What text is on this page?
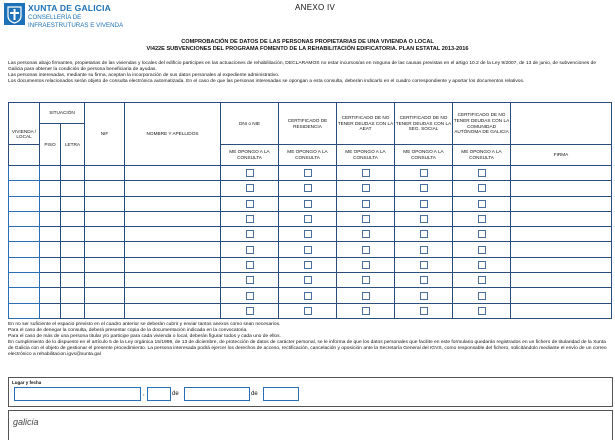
XUNTA DE GALICIA
CONSELLERÍA DE
INFRAESTRUTURAS E VIVENDA
ANEXO IV
COMPROBACIÓN DE DATOS DE LAS PERSONAS PROPIETARIAS DE UNA VIVIENDA O LOCAL
VI422E SUBVENCIONES DEL PROGRAMA FOMENTO DE LA REHABILITACIÓN EDIFICATORIA. PLAN ESTATAL 2013-2016
Las personas abajo firmantes, propietarias de las viviendas y locales del edificio participes en las actuaciones de rehabilitación, DECLARAMOS no estar incursos/as en ninguna de las causas previstas en el artigo 10.2 de la Ley 9/2007, de 13 de junio, de subvenciones de Galicia para obtener la condición de persona beneficiaria de ayudas.
Las personas interesadas, mediante su firma, aceptan la incorporación de sus datos personales al expediente administrativo.
Los documentos relacionados serán objeto de consulta electrónica automatizada. En el caso de que las personas interesadas se opongan a esta consulta, deberán indicarlo en el cuadro correspondiente y aportar los documentos relativos.
VIVIENDA / LOCAL	SITUACIÓN		NIF	NOMBRE Y APELLIDOS	DNI o NIE	CERTIFICADO DE RESIDENCIA	CERTIFICADO DE NO TENER DEUDAS CON LA AEAT	CERTIFICADO DE NO TENER DEUDAS CON LA SEG. SOCIAL	CERTIFICADO DE NO TENER DEUDAS CON LA COMUNIDAD AUTÓNOMA DE GALICIA	
	PISO	LETRA								
					ME OPONGO A LA CONSULTA	ME OPONGO A LA CONSULTA	ME OPONGO A LA CONSULTA	ME OPONGO A LA CONSULTA	ME OPONGO A LA CONSULTA	FIRMA

En no ser suficiente el espacio previsto en el cuadro anterior se deberán cubrir y enviar tantos anexos como sean necesarios.
Para el caso de denegar la consulta, deberá presentar copia de la documentación indicada en la convocatoria.
Para el caso de más de una persona titular y/o participe para cada vivienda o local, deberán figurar todos y cada uno de ellos.
En cumplimiento de lo dispuesto en el artículo 5 de la Ley orgánica 15/1999, de 13 de diciembre, de protección de datos de carácter personal, se le informa de que los datos personales que facilite en este formulario quedarán registrados en un fichero de titularidad de la Xunta de Galicia con el objeto de gestionar el presente procedimiento. La persona interesada podrá ejercer los derechos de acceso, rectificación, cancelación y oposición ante la Secretaría General del IGVS, como responsable del fichero, solicitándolo mediante el envío de un correo electrónico a rehabilitacion.igvs@xunta.gal
Lugar y fecha
,	de	de
galicia
